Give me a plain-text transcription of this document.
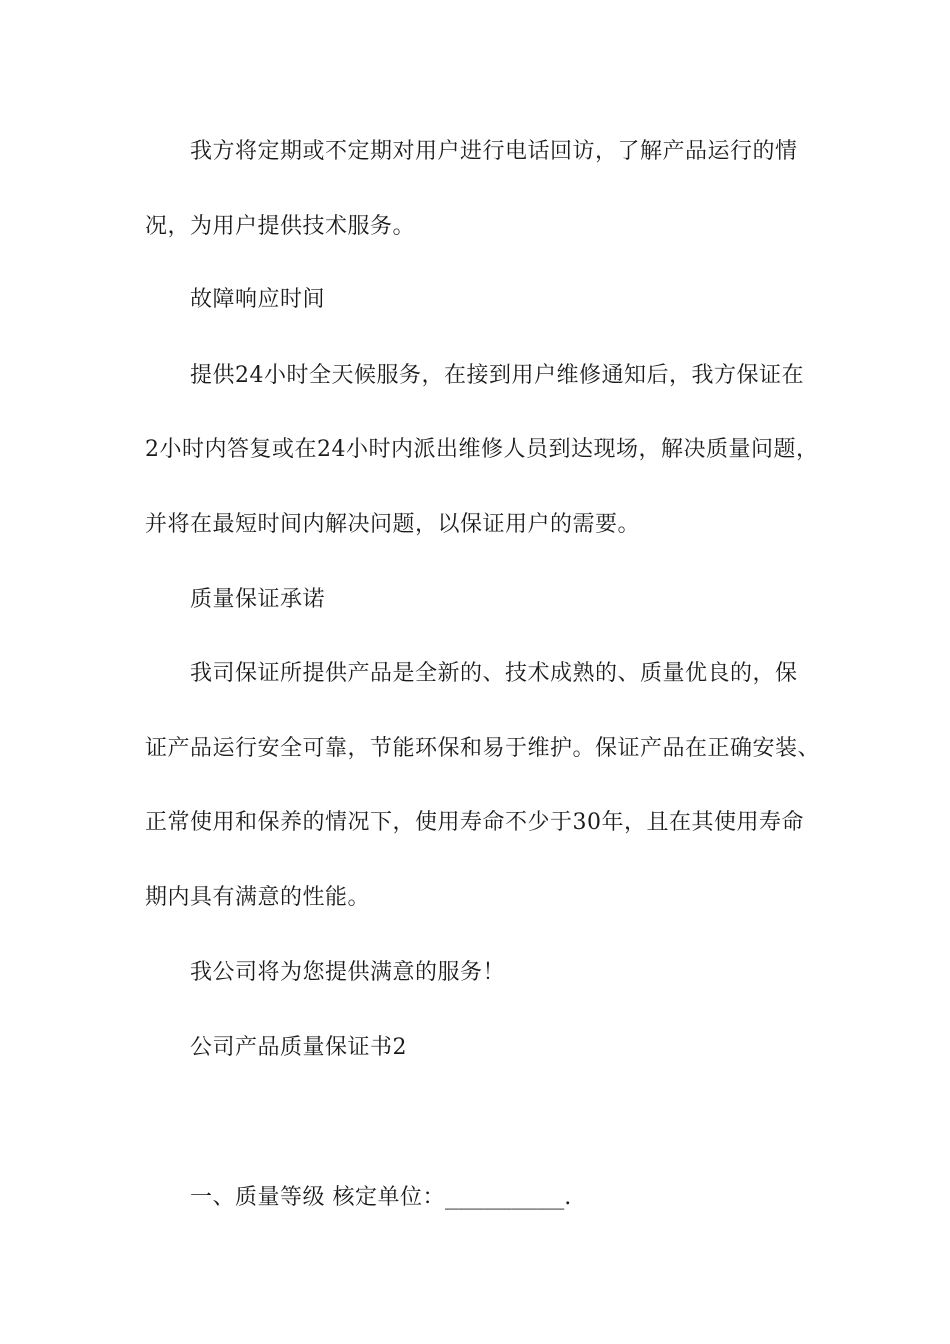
我方将定期或不定期对用户进行电话回访，了解产品运行的情
况，为用户提供技术服务。
故障响应时间
提供24小时全天候服务，在接到用户维修通知后，我方保证在
2小时内答复或在24小时内派出维修人员到达现场，解决质量问题，
并将在最短时间内解决问题，以保证用户的需要。
质量保证承诺
我司保证所提供产品是全新的、技术成熟的、质量优良的，保
证产品运行安全可靠，节能环保和易于维护。保证产品在正确安装、
正常使用和保养的情况下，使用寿命不少于30年，且在其使用寿命
期内具有满意的性能。
我公司将为您提供满意的服务！
公司产品质量保证书2
一、质量等级 核定单位：_________.
